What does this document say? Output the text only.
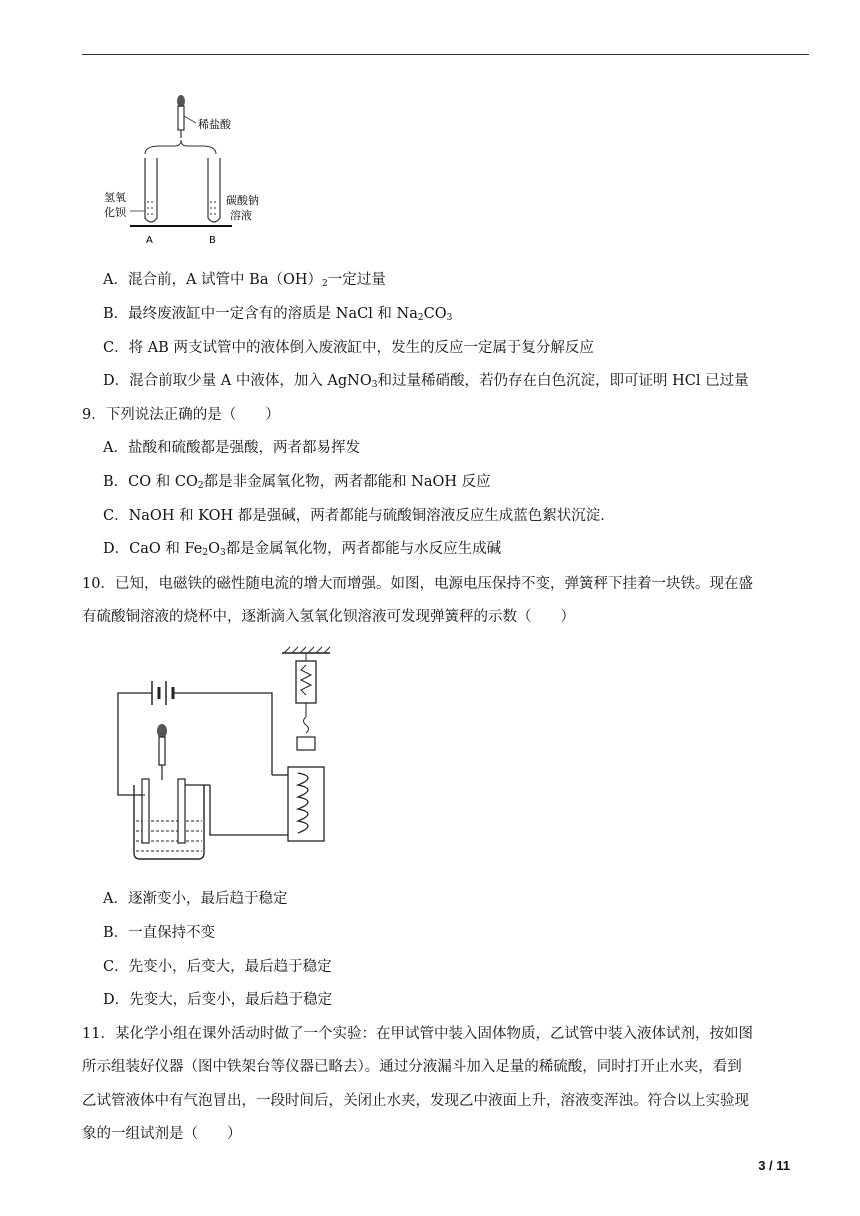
稀盐酸
氢氧
化钡
碳酸钠
溶液
A	B
A．混合前，A 试管中 $Ba(OH)_2$一定过量
B．最终废液缸中一定含有的溶质是 NaCl 和 $Na_2CO_3$
C．将 AB 两支试管中的液体倒入废液缸中，发生的反应一定属于复分解反应
D．混合前取少量 A 中液体，加入 AgNO$_3$和过量稀硝酸，若仍存在白色沉淀，即可证明 HCl 已过量
9．下列说法正确的是（　　）
A．盐酸和硫酸都是强酸，两者都易挥发
B．CO 和 $CO_2$都是非金属氧化物，两者都能和 NaOH 反应
C．NaOH 和 KOH 都是强碱，两者都能与硫酸铜溶液反应生成蓝色絮状沉淀．
D．CaO 和 $Fe_2O_3$都是金属氧化物，两者都能与水反应生成碱
10．已知，电磁铁的磁性随电流的增大而增强。如图，电源电压保持不变，弹簧秤下挂着一块铁。现在盛
有硫酸铜溶液的烧杯中，逐渐滴入氢氧化钡溶液可发现弹簧秤的示数（　　）
A．逐渐变小，最后趋于稳定
B．一直保持不变
C．先变小，后变大，最后趋于稳定
D．先变大，后变小，最后趋于稳定
11．某化学小组在课外活动时做了一个实验：在甲试管中装入固体物质，乙试管中装入液体试剂，按如图
所示组装好仪器（图中铁架台等仪器已略去）。通过分液漏斗加入足量的稀硫酸，同时打开止水夹，看到
乙试管液体中有气泡冒出，一段时间后，关闭止水夹，发现乙中液面上升，溶液变浑浊。符合以上实验现
象的一组试剂是（　　）
3 / 11
